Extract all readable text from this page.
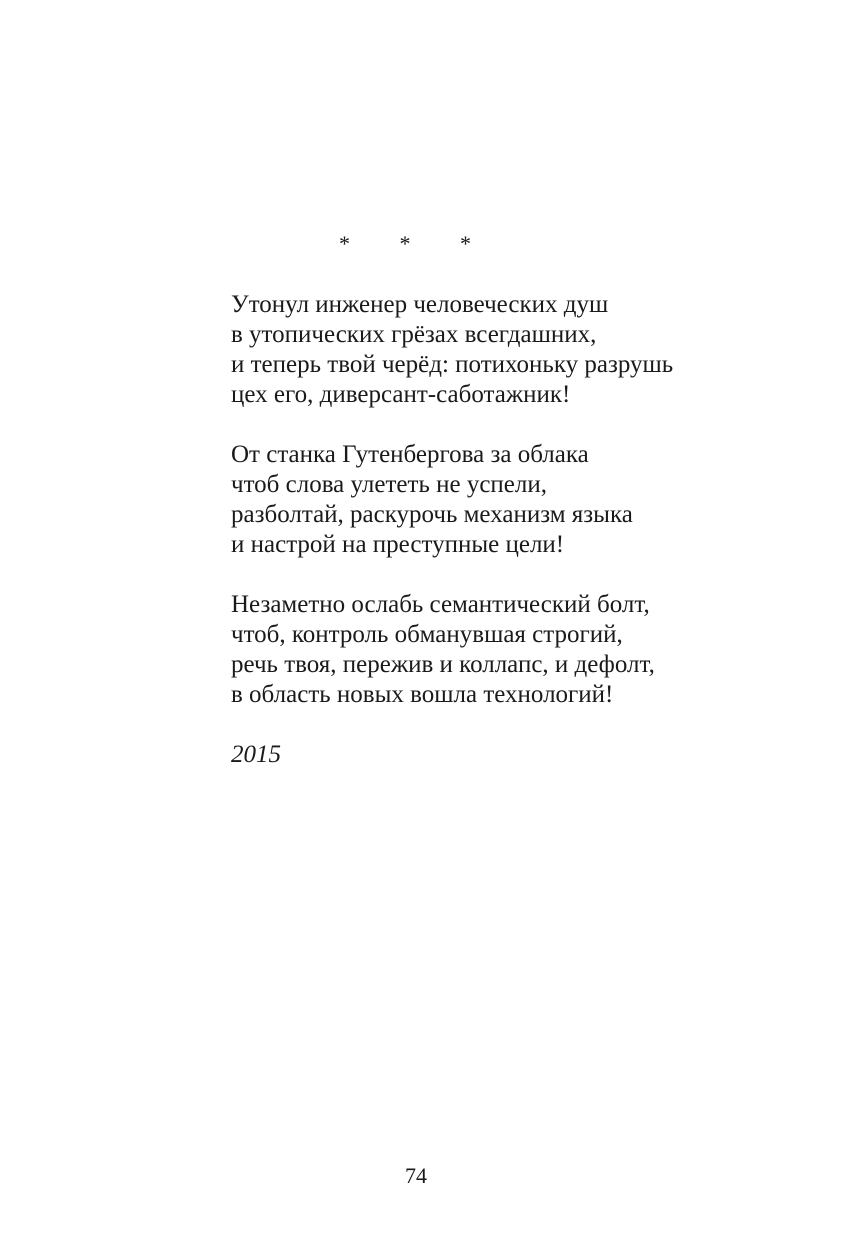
* * *
Утонул инженер человеческих душ
в утопических грёзах всегдашних,
и теперь твой черёд: потихоньку разрушь
цех его, диверсант-саботажник!
От станка Гутенбергова за облака
чтоб слова улететь не успели,
разболтай, раскурочь механизм языка
и настрой на преступные цели!
Незаметно ослабь семантический болт,
чтоб, контроль обманувшая строгий,
речь твоя, пережив и коллапс, и дефолт,
в область новых вошла технологий!
2015
74
